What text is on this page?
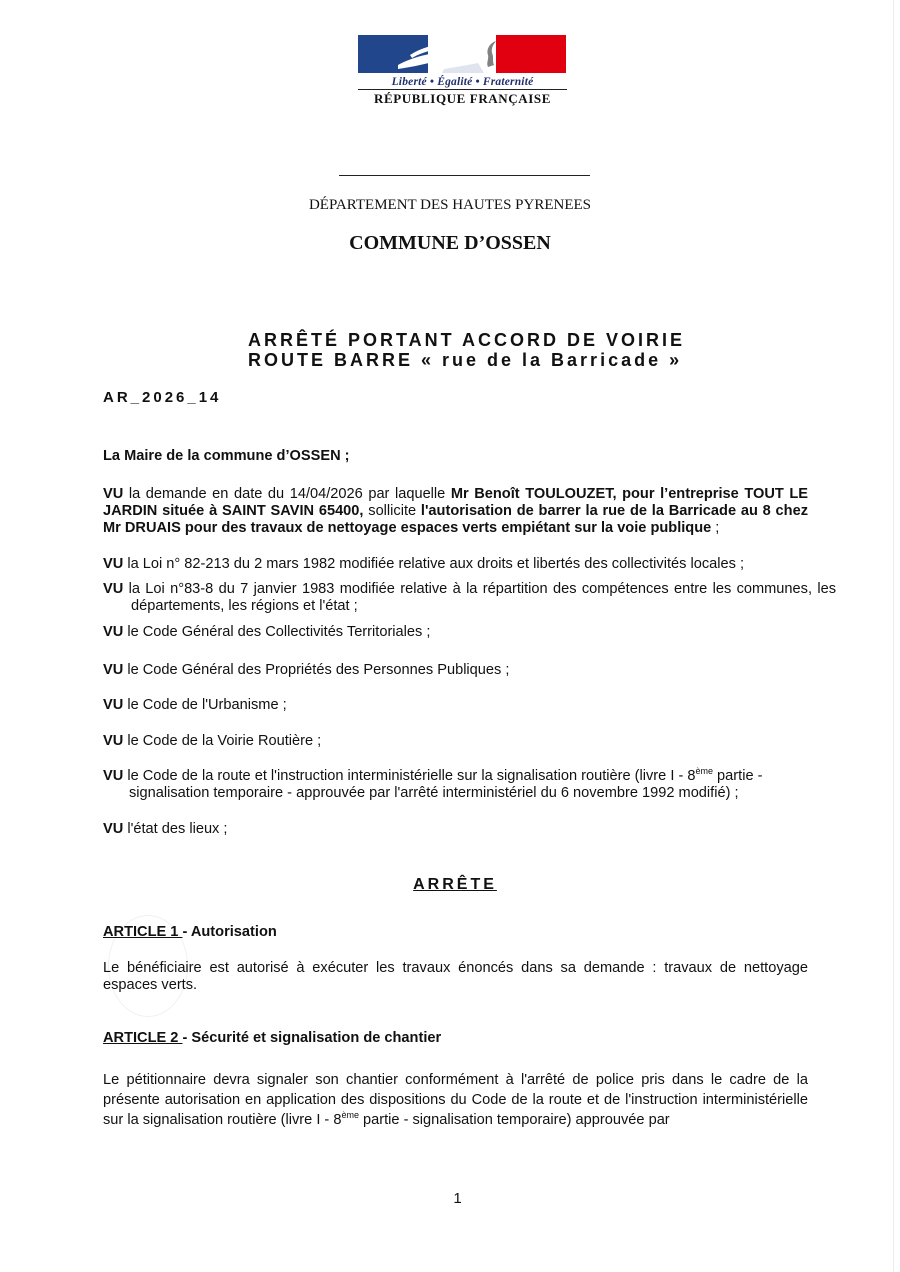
Liberté • Égalité • Fraternité
RÉPUBLIQUE FRANÇAISE
DÉPARTEMENT DES HAUTES PYRENEES
COMMUNE D’OSSEN
ARRÊTÉ PORTANT ACCORD DE VOIRIE
ROUTE BARRE « rue de la Barricade »
AR_2026_14
La Maire de la commune d’OSSEN ;
VU la demande en date du 14/04/2026 par laquelle Mr Benoît TOULOUZET, pour l’entreprise TOUT LE JARDIN située à SAINT SAVIN 65400, sollicite l'autorisation de barrer la rue de la Barricade au 8 chez Mr DRUAIS pour des travaux de nettoyage espaces verts empiétant sur la voie publique ;
VU la Loi n° 82-213 du 2 mars 1982 modifiée relative aux droits et libertés des collectivités locales ;
VU la Loi n°83-8 du 7 janvier 1983 modifiée relative à la répartition des compétences entre les communes, les départements, les régions et l'état ;
VU le Code Général des Collectivités Territoriales ;
VU le Code Général des Propriétés des Personnes Publiques ;
VU le Code de l'Urbanisme ;
VU le Code de la Voirie Routière ;
VU le Code de la route et l'instruction interministérielle sur la signalisation routière (livre I - 8ème partie - signalisation temporaire - approuvée par l'arrêté interministériel du 6 novembre 1992 modifié) ;
VU l'état des lieux ;
ARRÊTE
ARTICLE 1 - Autorisation
Le bénéficiaire est autorisé à exécuter les travaux énoncés dans sa demande : travaux de nettoyage espaces verts.
ARTICLE 2 - Sécurité et signalisation de chantier
Le pétitionnaire devra signaler son chantier conformément à l'arrêté de police pris dans le cadre de la présente autorisation en application des dispositions du Code de la route et de l'instruction interministérielle sur la signalisation routière (livre I - 8ème partie - signalisation temporaire) approuvée par
1
